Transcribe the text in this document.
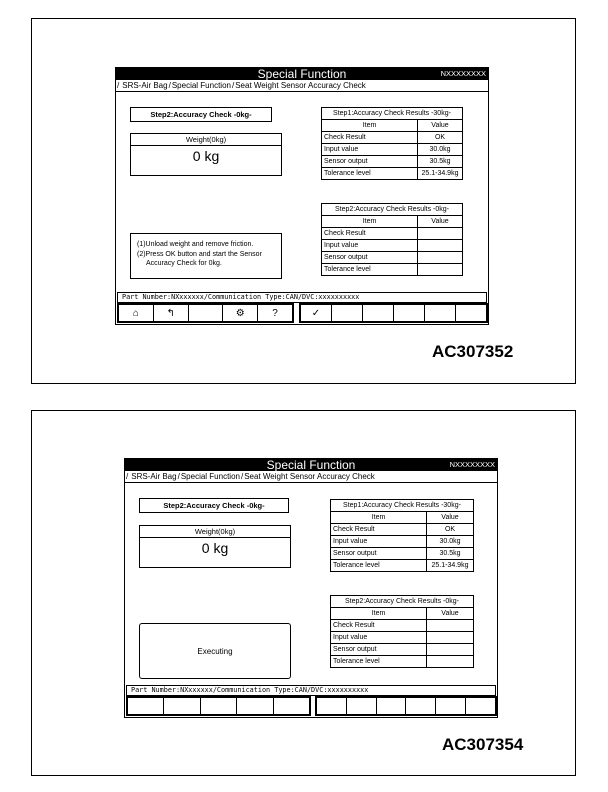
Special Function	NXXXXXXXX
/ SRS-Air Bag/Special Function/Seat Weight Sensor Accuracy Check
Step2:Accuracy Check -0kg-
Weight(0kg)
0 kg
(1)Unload weight and remove friction.
(2)Press OK button and start the Sensor
Accuracy Check for 0kg.
Step1:Accuracy Check Results -30kg-	
Item	Value
Check Result	OK
Input value	30.0kg
Sensor output	30.5kg
Tolerance level	25.1-34.9kg
Step2:Accuracy Check Results -0kg-	
Item	Value
Check Result	
Input value	
Sensor output	
Tolerance level	
Part Number:NXxxxxxx/Communication Type:CAN/DVC:xxxxxxxxxx
⌂	↰	⚙	?	✓
AC307352
Special Function	NXXXXXXXX
/ SRS-Air Bag/Special Function/Seat Weight Sensor Accuracy Check
Step2:Accuracy Check -0kg-
Weight(0kg)
0 kg
Executing
Step1:Accuracy Check Results -30kg-	
Item	Value
Check Result	OK
Input value	30.0kg
Sensor output	30.5kg
Tolerance level	25.1-34.9kg
Step2:Accuracy Check Results -0kg-	
Item	Value
Check Result	
Input value	
Sensor output	
Tolerance level	
Part Number:NXxxxxxx/Communication Type:CAN/DVC:xxxxxxxxxx
AC307354
